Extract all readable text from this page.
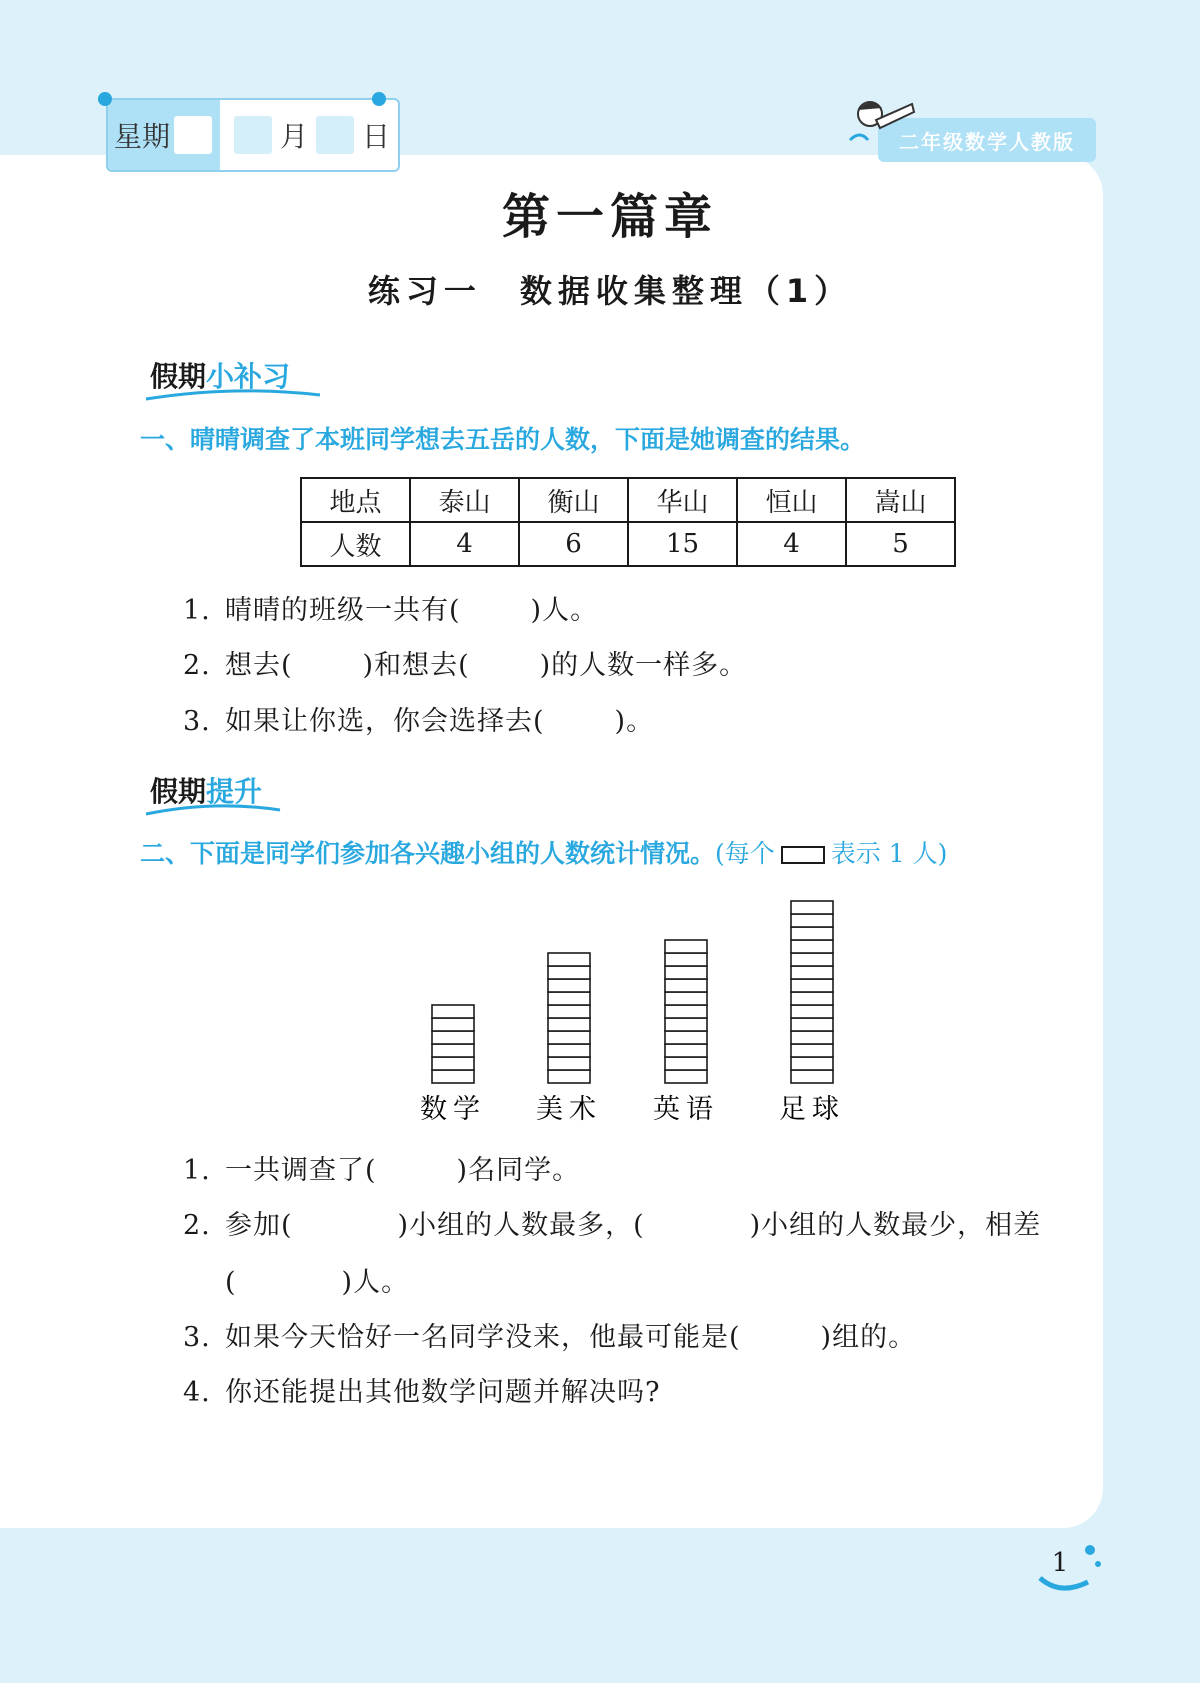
星期	月 日	二年级数学人教版
第一篇章
练习一　数据收集整理（1）
假期小补习
一、晴晴调查了本班同学想去五岳的人数，下面是她调查的结果。
地点	泰山	衡山	华山	恒山	嵩山
人数	4	6	15	4	5
1. 晴晴的班级一共有(	)人。
2. 想去(	)和想去(	)的人数一样多。
3. 如果让你选，你会选择去(	)。
假期提升
二、下面是同学们参加各兴趣小组的人数统计情况。(每个 表示 1 人)
数学 美术 英语 足球
1. 一共调查了(	)名同学。
2. 参加(	)小组的人数最多，(	)小组的人数最少，相差
(	)人。
3. 如果今天恰好一名同学没来，他最可能是(	)组的。
4. 你还能提出其他数学问题并解决吗?
1
